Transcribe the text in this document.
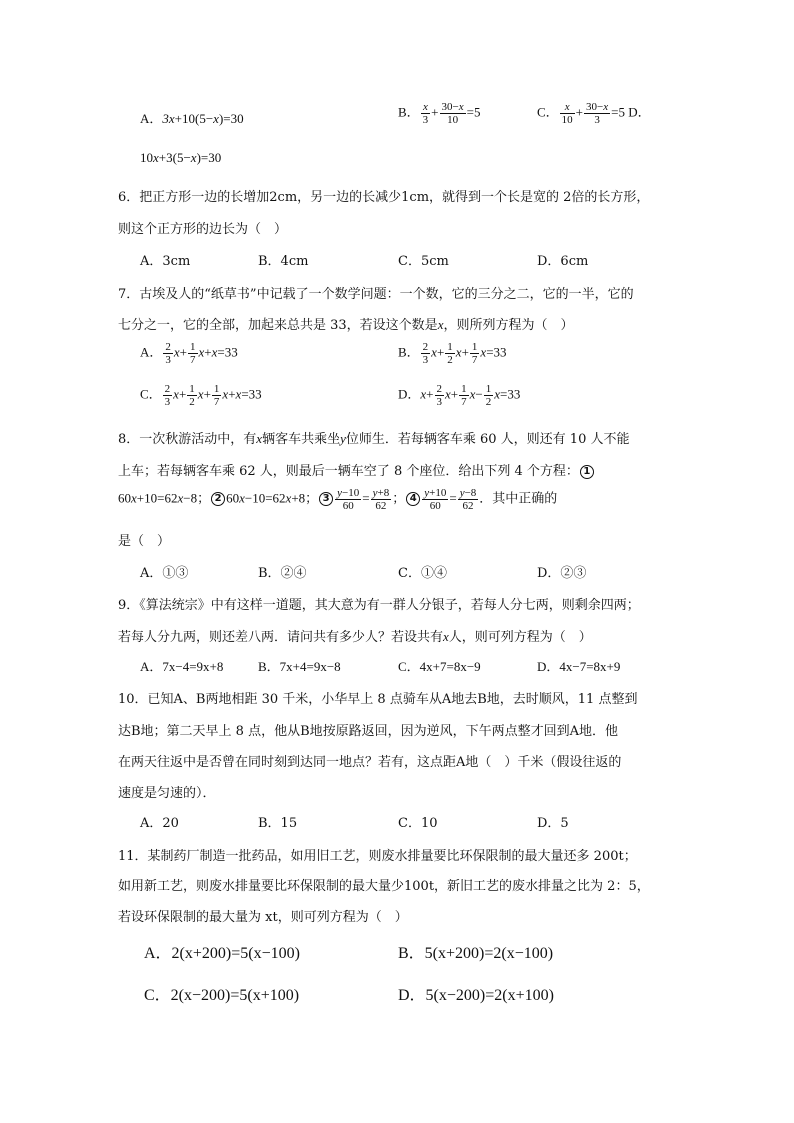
A．3x+10(5−x)=30	B． $\frac{x}{3} + \frac{30-x}{10} =5$	C． $\frac{x}{10} + \frac{30-x}{3} =5$ D．
10x+3(5−x)=30
6．把正方形一边的长增加2cm，另一边的长减少1cm，就得到一个长是宽的 2倍的长方形，
则这个正方形的边长为（　）
A．3cm	B．4cm	C．5cm	D．6cm
7．古埃及人的“纸草书”中记载了一个数学问题：一个数，它的三分之二，它的一半，它的
七分之一，它的全部，加起来总共是 33，若设这个数是x，则所列方程为（　）
A． $\frac{2}{3} x+ \frac{1}{7} x+x=33$	B． $\frac{2}{3} x+ \frac{1}{2} x+ \frac{1}{7} x=33$
C． $\frac{2}{3} x+ \frac{1}{2} x+ \frac{1}{7} x+x=33$	D．$x+ \frac{2}{3} x+ \frac{1}{7} x- \frac{1}{2} x=33$
8．一次秋游活动中，有x辆客车共乘坐y位师生．若每辆客车乘 60 人，则还有 10 人不能
上车；若每辆客车乘 62 人，则最后一辆车空了 8 个座位．给出下列 4 个方程： 1
60x+10=62x−8； 2 60x−10=62x+8； $3 \frac{y-10}{60} = \frac{y+8}{62}$ ； $4 \frac{y+10}{60} = \frac{y-8}{62}$ ．其中正确的
是（　）
A．①③	B．②④	C．①④	D．②③
9．《算法统宗》中有这样一道题，其大意为有一群人分银子，若每人分七两，则剩余四两；
若每人分九两，则还差八两．请问共有多少人？若设共有x人，则可列方程为（　）
A．7x−4=9x+8	B．7x+4=9x−8	C．4x+7=8x−9	D．4x−7=8x+9
10．已知A、B两地相距 30 千米，小华早上 8 点骑车从A地去B地，去时顺风，11 点整到
达B地；第二天早上 8 点，他从B地按原路返回，因为逆风，下午两点整才回到A地．他
在两天往返中是否曾在同时刻到达同一地点？若有，这点距A地（　）千米（假设往返的
速度是匀速的）．
A．20	B．15	C．10	D．5
11．某制药厂制造一批药品，如用旧工艺，则废水排量要比环保限制的最大量还多 200t；
如用新工艺，则废水排量要比环保限制的最大量少100t，新旧工艺的废水排量之比为 2：5，
若设环保限制的最大量为 xt，则可列方程为（　）
A．2(x+200)=5(x−100)	B．5(x+200)=2(x−100)
C．2(x−200)=5(x+100)	D．5(x−200)=2(x+100)
